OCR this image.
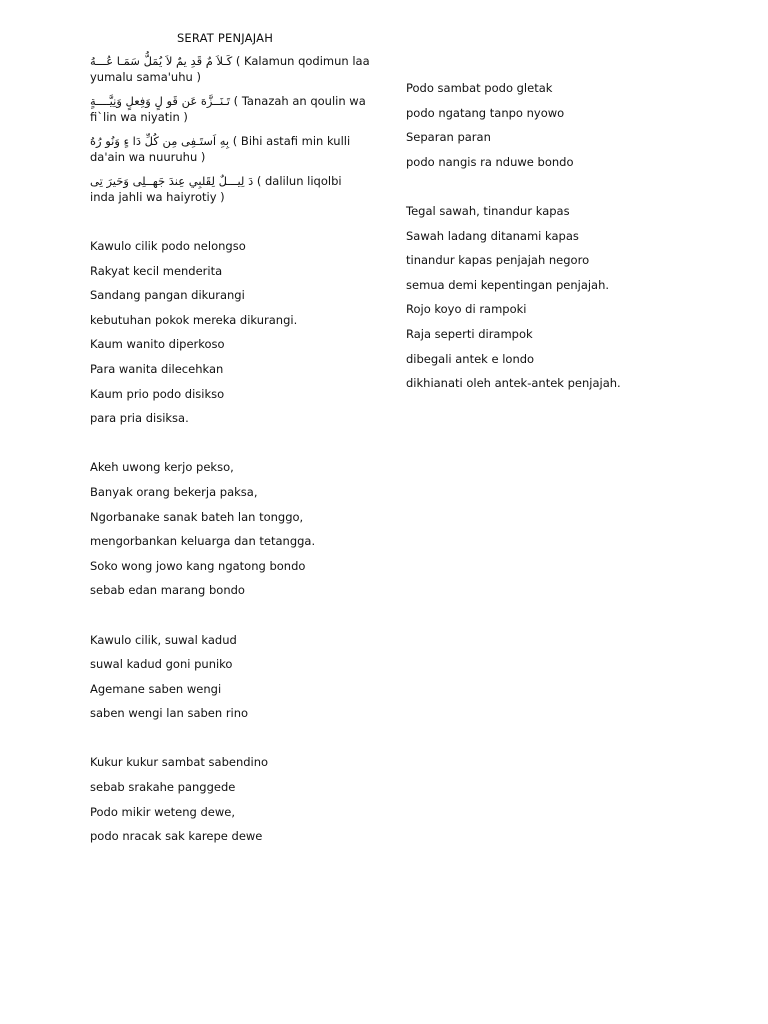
SERAT PENJAJAH
كَـلاَ مٌ قَدِ يمٌ لاَ يُمَلُّ سَمَـا عُـــهُ ( Kalamun qodimun laa yumalu sama'uhu )
تَـنَــزَّهَ عَن قَو لٍ وَفِعلٍ وَنِيَّــــةٍ ( Tanazah an qoulin wa fi`lin wa niyatin )
بِهِ اَستَـفِى مِن كُلِّ دَا ءٍ وَنُو رُهُ ( Bihi astafi min kulli da'ain wa nuuruhu )
دَ لِيـــلٌ لِقَلبِي عِندَ جَهــلِى وَحَيرَ تِى ( dalilun liqolbi inda jahli wa haiyrotiy )
Kawulo cilik podo nelongso
Rakyat kecil menderita
Sandang pangan dikurangi
kebutuhan pokok mereka dikurangi.
Kaum wanito diperkoso
Para wanita dilecehkan
Kaum prio podo disikso
para pria disiksa.
Akeh uwong kerjo pekso,
Banyak orang bekerja paksa,
Ngorbanake sanak bateh lan tonggo,
mengorbankan keluarga dan tetangga.
Soko wong jowo kang ngatong bondo
sebab edan marang bondo
Kawulo cilik, suwal kadud
suwal kadud goni puniko
Agemane saben wengi
saben wengi lan saben rino
Kukur kukur sambat sabendino
sebab srakahe panggede
Podo mikir weteng dewe,
podo nracak sak karepe dewe
Podo sambat podo gletak
podo ngatang tanpo nyowo
Separan paran
podo nangis ra nduwe bondo
Tegal sawah, tinandur kapas
Sawah ladang ditanami kapas
tinandur kapas penjajah negoro
semua demi kepentingan penjajah.
Rojo koyo di rampoki
Raja seperti dirampok
dibegali antek e londo
dikhianati oleh antek-antek penjajah.
